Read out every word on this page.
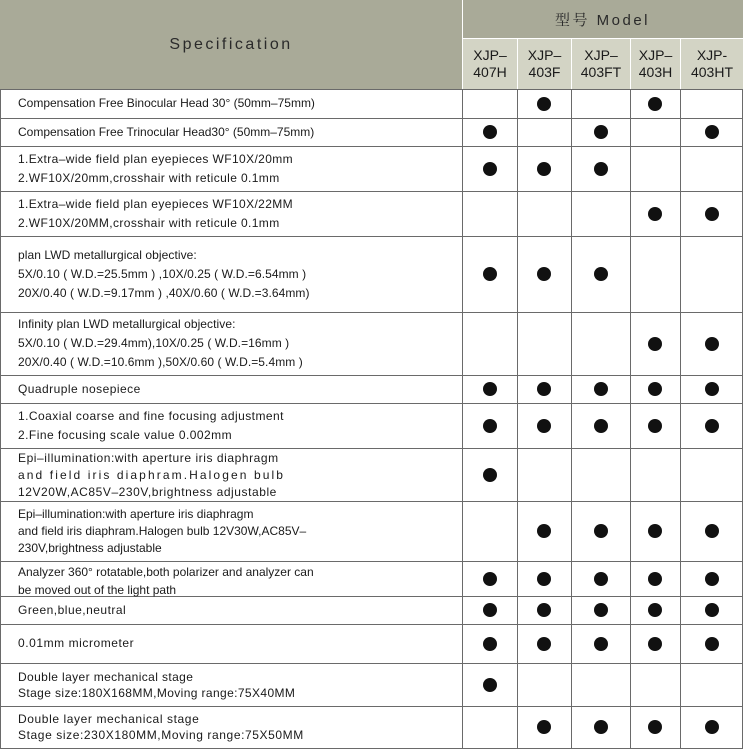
Specification
型号 Model
XJP–
407H
XJP–
403F
XJP–
403FT
XJP–
403H
XJP-
403HT
Compensation Free Binocular Head 30° (50mm–75mm)
Compensation Free Trinocular Head30° (50mm–75mm)
1.Extra–wide field plan eyepieces WF10X/20mm
2.WF10X/20mm,crosshair with reticule 0.1mm
1.Extra–wide field plan eyepieces WF10X/22MM
2.WF10X/20MM,crosshair with reticule 0.1mm
plan LWD metallurgical objective:
5X/0.10 ( W.D.=25.5mm ) ,10X/0.25 ( W.D.=6.54mm )
20X/0.40 ( W.D.=9.17mm ) ,40X/0.60 ( W.D.=3.64mm)
Infinity plan LWD metallurgical objective:
5X/0.10 ( W.D.=29.4mm),10X/0.25 ( W.D.=16mm )
20X/0.40 ( W.D.=10.6mm ),50X/0.60 ( W.D.=5.4mm )
Quadruple nosepiece
1.Coaxial coarse and fine focusing adjustment
2.Fine focusing scale value 0.002mm
Epi–illumination:with aperture iris diaphragm
and field iris diaphram.Halogen bulb
12V20W,AC85V–230V,brightness adjustable
Epi–illumination:with aperture iris diaphragm
and field iris diaphram.Halogen bulb 12V30W,AC85V–
230V,brightness adjustable
Analyzer 360° rotatable,both polarizer and analyzer can
be moved out of the light path
Green,blue,neutral
0.01mm micrometer
Double layer mechanical stage
Stage size:180X168MM,Moving range:75X40MM
Double layer mechanical stage
Stage size:230X180MM,Moving range:75X50MM
